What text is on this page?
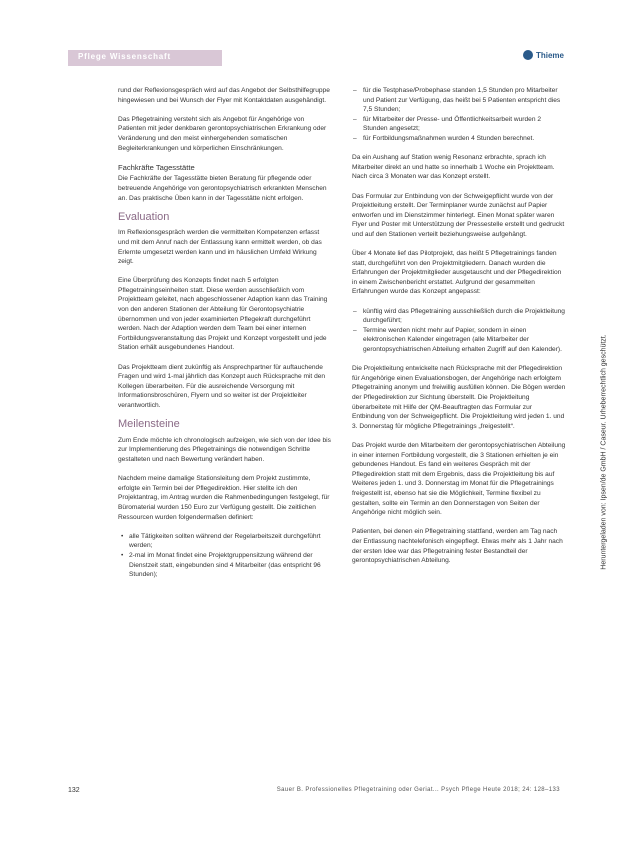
Pflege Wissenschaft	Thieme

rund der Reflexionsgespräch wird auf das Angebot der Selbsthilfegruppe hingewiesen und bei Wunsch der Flyer mit Kontaktdaten ausgehändigt.

Das Pflegetraining versteht sich als Angebot für Angehörige von Patienten mit jeder denkbaren gerontopsychiatrischen Erkrankung oder Veränderung und den meist einhergehenden somatischen Begleiterkrankungen und körperlichen Einschränkungen.

Fachkräfte Tagesstätte

Die Fachkräfte der Tagesstätte bieten Beratung für pflegende oder betreuende Angehörige von gerontopsychiatrisch erkrankten Menschen an. Das praktische Üben kann in der Tagesstätte nicht erfolgen.

Evaluation

Im Reflexionsgespräch werden die vermittelten Kompetenzen erfasst und mit dem Anruf nach der Entlassung kann ermittelt werden, ob das Erlernte umgesetzt werden kann und im häuslichen Umfeld Wirkung zeigt.

Eine Überprüfung des Konzepts findet nach 5 erfolgten Pflegetrainingseinheiten statt. Diese werden ausschließlich vom Projektteam geleitet, nach abgeschlossener Adaption kann das Training von den anderen Stationen der Abteilung für Gerontopsychiatrie übernommen und von jeder examinierten Pflegekraft durchgeführt werden. Nach der Adaption werden dem Team bei einer internen Fortbildungsveranstaltung das Projekt und Konzept vorgestellt und jede Station erhält ausgebundenes Handout.

Das Projektteam dient zukünftig als Ansprechpartner für auftauchende Fragen und wird 1-mal jährlich das Konzept auch Rücksprache mit den Kollegen überarbeiten. Für die ausreichende Versorgung mit Informationsbroschüren, Flyern und so weiter ist der Projektleiter verantwortlich.

Meilensteine

Zum Ende möchte ich chronologisch aufzeigen, wie sich von der Idee bis zur Implementierung des Pflegetrainings die notwendigen Schritte gestalteten und nach Bewertung verändert haben.

Nachdem meine damalige Stationsleitung dem Projekt zustimmte, erfolgte ein Termin bei der Pflegedirektion. Hier stellte ich den Projektantrag, im Antrag wurden die Rahmenbedingungen festgelegt, für Büromaterial wurden 150 Euro zur Verfügung gestellt. Die zeitlichen Ressourcen wurden folgendermaßen definiert:

• alle Tätigkeiten sollten während der Regelarbeitszeit durchgeführt werden;
• 2-mal im Monat findet eine Projektgruppensitzung während der Dienstzeit statt, eingebunden sind 4 Mitarbeiter (das entspricht 96 Stunden);
– für die Testphase/Probephase standen 1,5 Stunden pro Mitarbeiter und Patient zur Verfügung, das heißt bei 5 Patienten entspricht dies 7,5 Stunden;
– für Mitarbeiter der Presse- und Öffentlichkeitsarbeit wurden 2 Stunden angesetzt;
– für Fortbildungsmaßnahmen wurden 4 Stunden berechnet.

Da ein Aushang auf Station wenig Resonanz erbrachte, sprach ich Mitarbeiter direkt an und hatte so innerhalb 1 Woche ein Projektteam. Nach circa 3 Monaten war das Konzept erstellt.

Das Formular zur Entbindung von der Schweigepflicht wurde von der Projektleitung erstellt. Der Terminplaner wurde zunächst auf Papier entworfen und im Dienstzimmer hinterlegt. Einen Monat später waren Flyer und Poster mit Unterstützung der Pressestelle erstellt und gedruckt und auf den Stationen verteilt beziehungsweise aufgehängt.

Über 4 Monate lief das Pilotprojekt, das heißt 5 Pflegetrainings fanden statt, durchgeführt von den Projektmitgliedern. Danach wurden die Erfahrungen der Projektmitglieder ausgetauscht und der Pflegedirektion in einem Zwischenbericht erstattet. Aufgrund der gesammelten Erfahrungen wurde das Konzept angepasst:

– künftig wird das Pflegetraining ausschließlich durch die Projektleitung durchgeführt;
– Termine werden nicht mehr auf Papier, sondern in einen elektronischen Kalender eingetragen (alle Mitarbeiter der gerontopsychiatrischen Abteilung erhalten Zugriff auf den Kalender).

Die Projektleitung entwickelte nach Rücksprache mit der Pflegedirektion für Angehörige einen Evaluationsbogen, der Angehörige nach erfolgtem Pflegetraining anonym und freiwillig ausfüllen können. Die Bögen werden der Pflegedirektion zur Sichtung überstellt. Die Projektleitung überarbeitete mit Hilfe der QM-Beauftragten das Formular zur Entbindung von der Schweigepflicht. Die Projektleitung wird jeden 1. und 3. Donnerstag für mögliche Pflegetrainings „freigestellt“.

Das Projekt wurde den Mitarbeitern der gerontopsychiatrischen Abteilung in einer internen Fortbildung vorgestellt, die 3 Stationen erhielten je ein gebundenes Handout. Es fand ein weiteres Gespräch mit der Pflegedirektion statt mit dem Ergebnis, dass die Projektleitung bis auf Weiteres jeden 1. und 3. Donnerstag im Monat für die Pflegetrainings freigestellt ist, ebenso hat sie die Möglichkeit, Termine flexibel zu gestalten, sollte ein Termin an den Donnerstagen von Seiten der Angehörige nicht möglich sein.

Patienten, bei denen ein Pflegetraining stattfand, werden am Tag nach der Entlassung nachtelefonisch eingepflegt. Etwas mehr als 1 Jahr nach der ersten Idee war das Pflegetraining fester Bestandteil der gerontopsychiatrischen Abteilung.	Heruntergeladen von: Ipsen/de GmbH / Caseur. Urheberrechtlich geschützt.
132	Sauer B. Professionelles Pflegetraining oder Geriat... Psych Pflege Heute 2018; 24: 128–133
